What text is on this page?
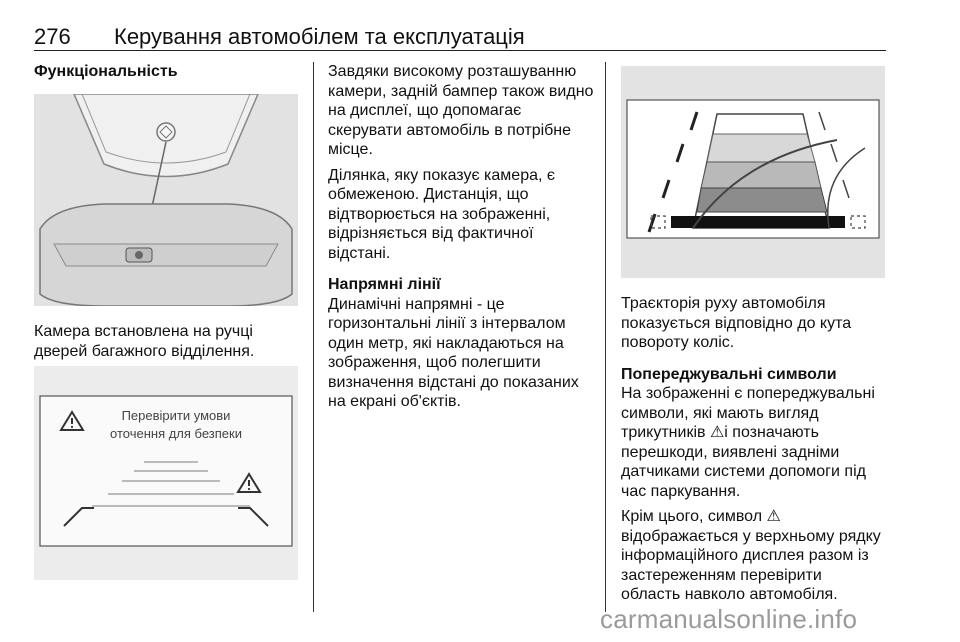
276 Керування автомобілем та експлуатація

Функціональність

Камера встановлена на ручці

дверей багажного відділення.

Перевірити умови
оточення для безпеки

Завдяки високому розташуванню

камери, задній бампер також видно

на дисплеї, що допомагає

скерувати автомобіль в потрібне

місце.

Ділянка, яку показує камера, є

обмеженою. Дистанція, що

відтворюється на зображенні,

відрізняється від фактичної

відстані.

Напрямні лінії

Динамічні напрямні - це

горизонтальні лінії з інтервалом

один метр, які накладаються на

зображення, щоб полегшити

визначення відстані до показаних

на екрані об'єктів.

Траєкторія руху автомобіля

показується відповідно до кута

повороту коліс.

Попереджувальні символи

На зображенні є попереджувальні

символи, які мають вигляд

трикутників ⚠і позначають

перешкоди, виявлені задніми

датчиками системи допомоги під

час паркування.

Крім цього, символ ⚠

відображається у верхньому рядку

інформаційного дисплея разом із

застереженням перевірити

область навколо автомобіля.

carmanualsonline.info
